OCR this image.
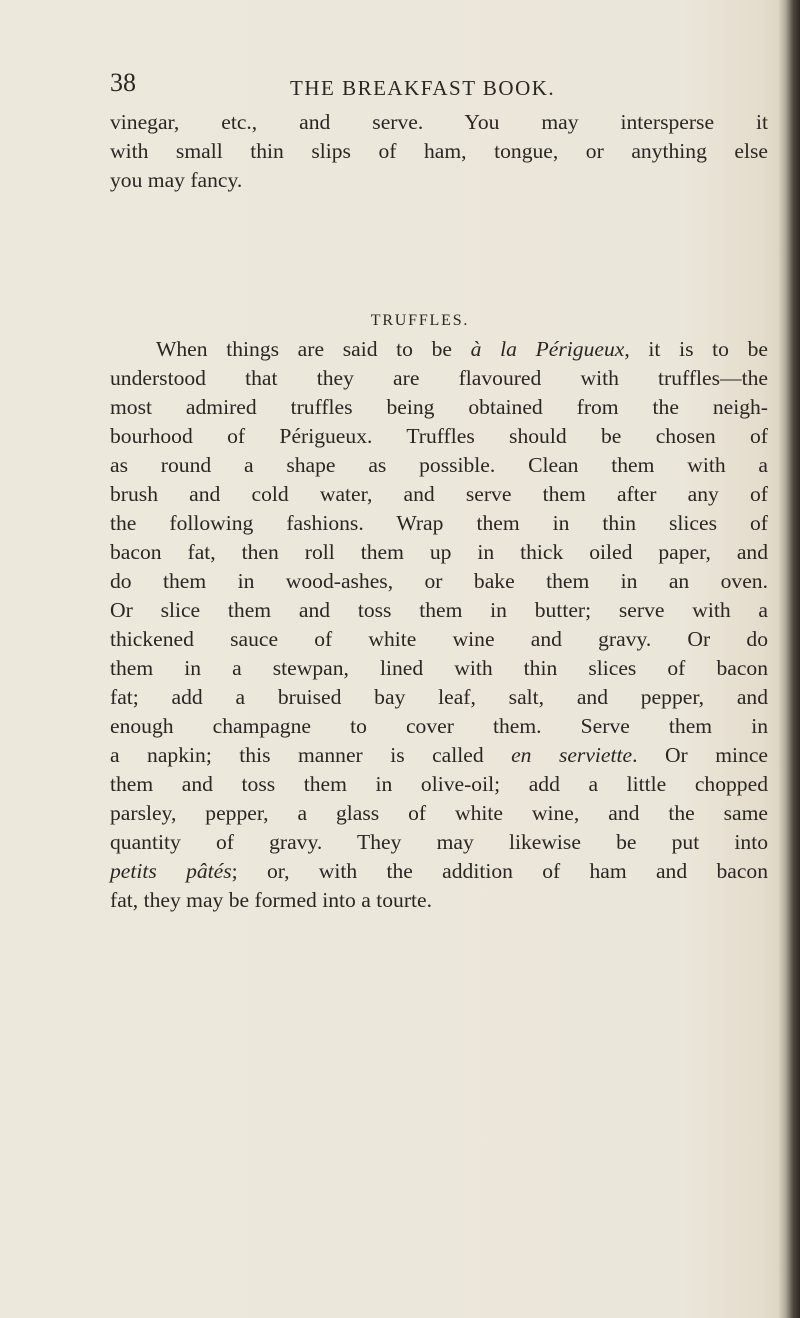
38	THE BREAKFAST BOOK.

vinegar, etc., and serve. You may intersperse it
with small thin slips of ham, tongue, or anything else
you may fancy.

TRUFFLES.

When things are said to be à la Périgueux, it is to be
understood that they are flavoured with truffles—the
most admired truffles being obtained from the neigh-
bourhood of Périgueux. Truffles should be chosen of
as round a shape as possible. Clean them with a
brush and cold water, and serve them after any of
the following fashions. Wrap them in thin slices of
bacon fat, then roll them up in thick oiled paper, and
do them in wood-ashes, or bake them in an oven.
Or slice them and toss them in butter; serve with a
thickened sauce of white wine and gravy. Or do
them in a stewpan, lined with thin slices of bacon
fat; add a bruised bay leaf, salt, and pepper, and
enough champagne to cover them. Serve them in
a napkin; this manner is called en serviette. Or mince
them and toss them in olive-oil; add a little chopped
parsley, pepper, a glass of white wine, and the same
quantity of gravy. They may likewise be put into
petits pâtés; or, with the addition of ham and bacon
fat, they may be formed into a tourte.
